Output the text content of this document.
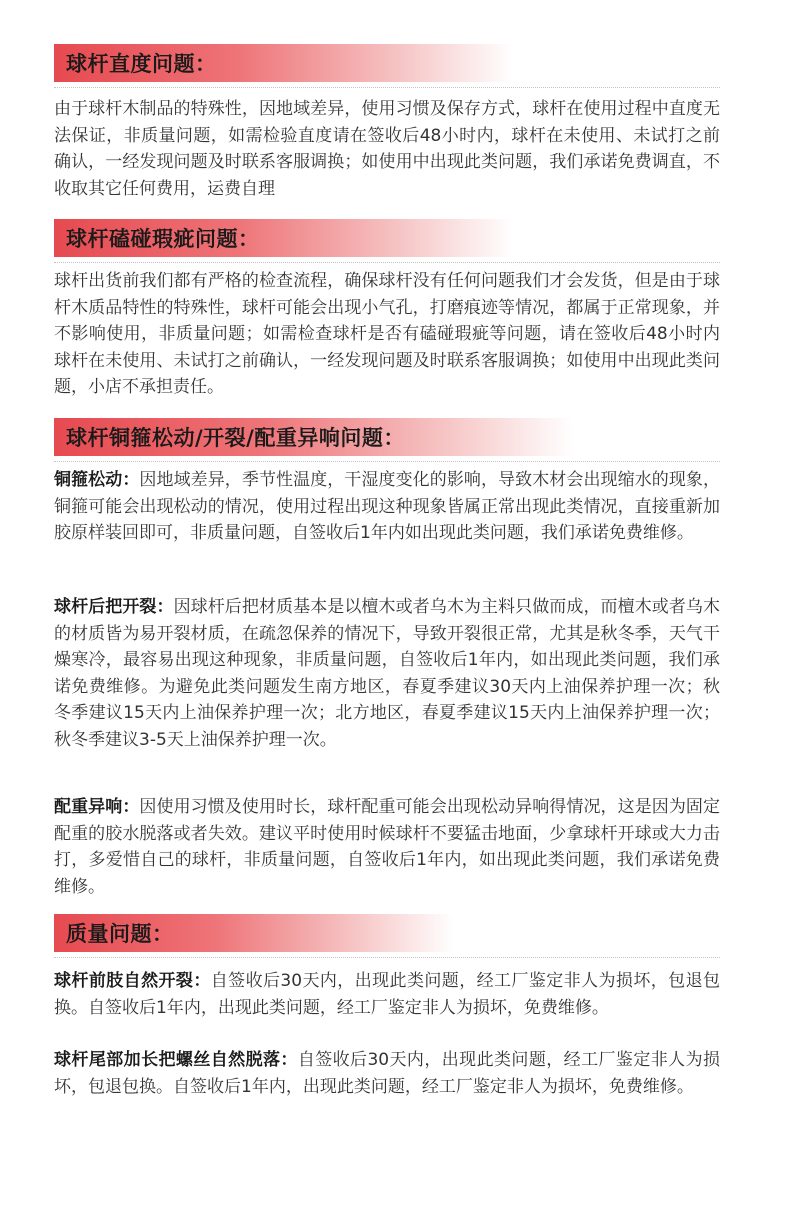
球杆直度问题：
由于球杆木制品的特殊性，因地域差异，使用习惯及保存方式，球杆在使用过程中直度无法保证，非质量问题，如需检验直度请在签收后48小时内，球杆在未使用、未试打之前确认，一经发现问题及时联系客服调换；如使用中出现此类问题，我们承诺免费调直，不收取其它任何费用，运费自理
球杆磕碰瑕疵问题：
球杆出货前我们都有严格的检查流程，确保球杆没有任何问题我们才会发货，但是由于球杆木质品特性的特殊性，球杆可能会出现小气孔，打磨痕迹等情况，都属于正常现象，并不影响使用，非质量问题；如需检查球杆是否有磕碰瑕疵等问题，请在签收后48小时内球杆在未使用、未试打之前确认，一经发现问题及时联系客服调换；如使用中出现此类问题，小店不承担责任。
球杆铜箍松动/开裂/配重异响问题：
铜箍松动：因地域差异，季节性温度，干湿度变化的影响，导致木材会出现缩水的现象，铜箍可能会出现松动的情况，使用过程出现这种现象皆属正常出现此类情况，直接重新加胶原样装回即可，非质量问题，自签收后1年内如出现此类问题，我们承诺免费维修。
球杆后把开裂：因球杆后把材质基本是以檀木或者乌木为主料只做而成，而檀木或者乌木的材质皆为易开裂材质，在疏忽保养的情况下，导致开裂很正常，尤其是秋冬季，天气干燥寒冷，最容易出现这种现象，非质量问题，自签收后1年内，如出现此类问题，我们承诺免费维修。为避免此类问题发生南方地区，春夏季建议30天内上油保养护理一次；秋冬季建议15天内上油保养护理一次；北方地区，春夏季建议15天内上油保养护理一次；秋冬季建议3-5天上油保养护理一次。
配重异响：因使用习惯及使用时长，球杆配重可能会出现松动异响得情况，这是因为固定配重的胶水脱落或者失效。建议平时使用时候球杆不要猛击地面，少拿球杆开球或大力击打，多爱惜自己的球杆，非质量问题，自签收后1年内，如出现此类问题，我们承诺免费维修。
质量问题：
球杆前肢自然开裂：自签收后30天内，出现此类问题，经工厂鉴定非人为损坏，包退包换。自签收后1年内，出现此类问题，经工厂鉴定非人为损坏，免费维修。
球杆尾部加长把螺丝自然脱落：自签收后30天内，出现此类问题，经工厂鉴定非人为损坏，包退包换。自签收后1年内，出现此类问题，经工厂鉴定非人为损坏，免费维修。
